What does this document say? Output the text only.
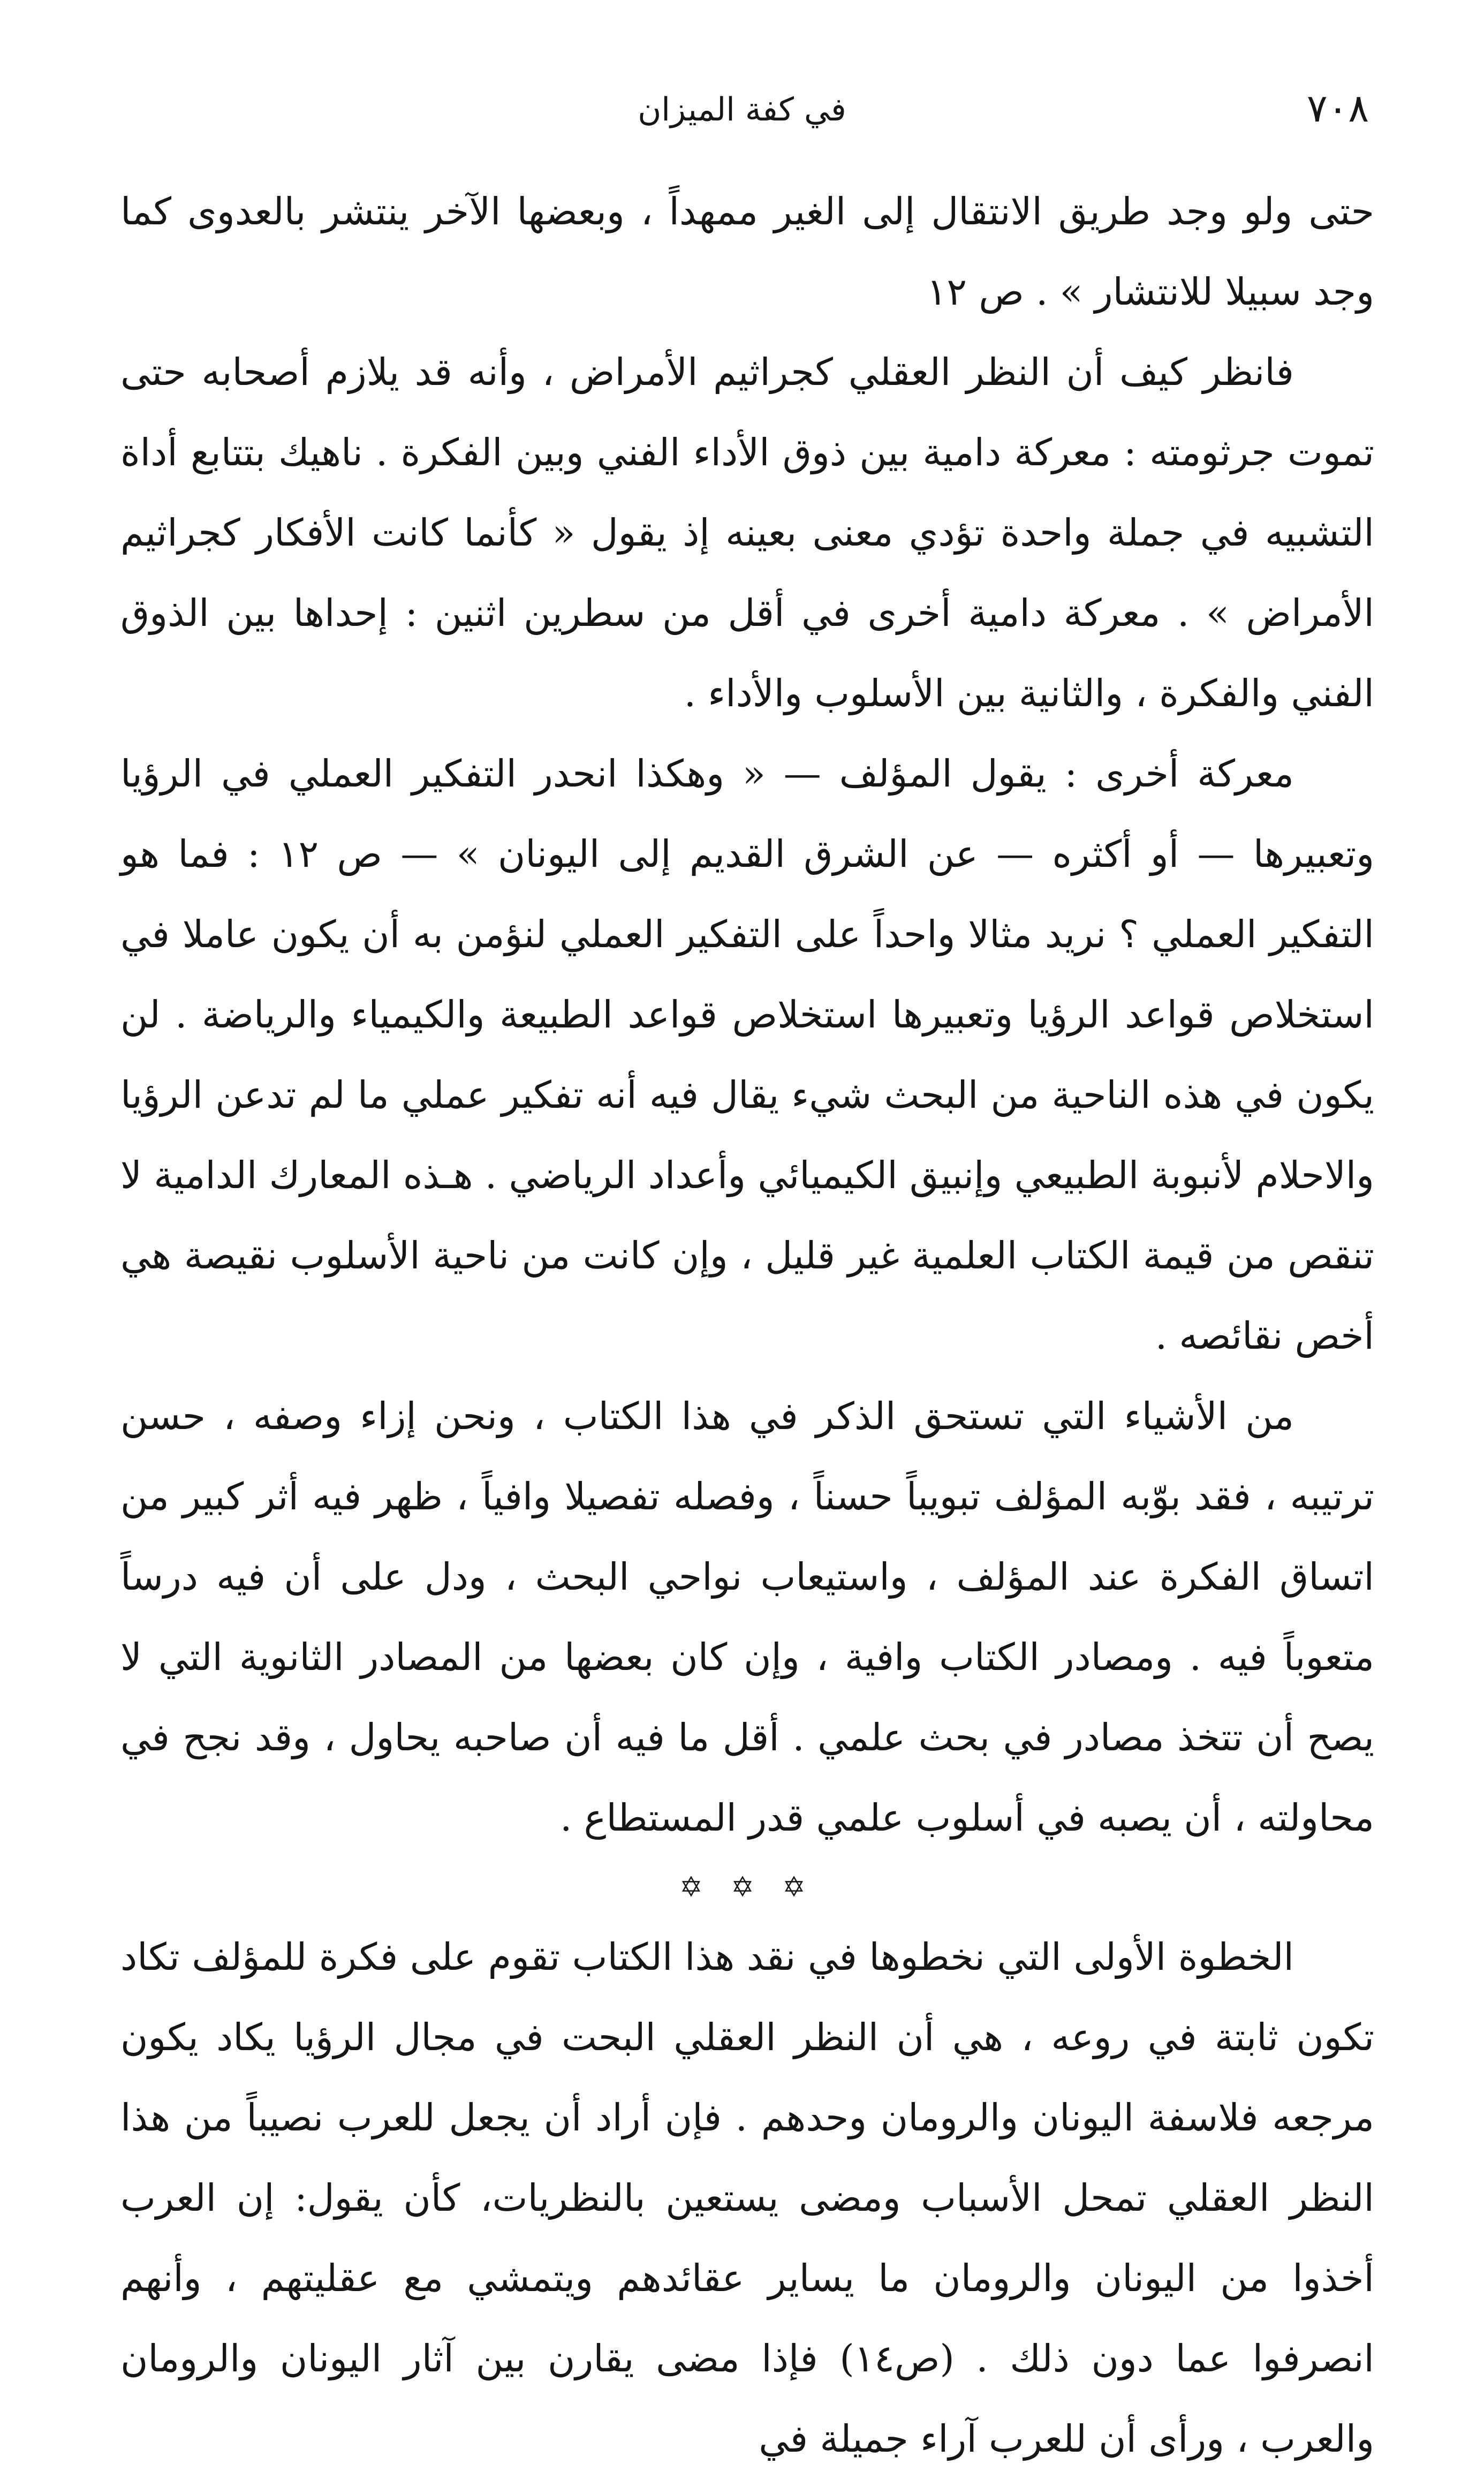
٧٠٨
في كفة الميزان

حتى ولو وجد طريق الانتقال إلى الغير ممهداً ، وبعضها الآخر ينتشر بالعدوى كما وجد سبيلا للانتشار » . ص ١٢

فانظر كيف أن النظر العقلي كجراثيم الأمراض ، وأنه قد يلازم أصحابه حتى تموت جرثومته : معركة دامية بين ذوق الأداء الفني وبين الفكرة . ناهيك بتتابع أداة التشبيه في جملة واحدة تؤدي معنى بعينه إذ يقول « كأنما كانت الأفكار كجراثيم الأمراض » . معركة دامية أخرى في أقل من سطرين اثنين : إحداها بين الذوق الفني والفكرة ، والثانية بين الأسلوب والأداء .

معركة أخرى : يقول المؤلف — « وهكذا انحدر التفكير العملي في الرؤيا وتعبيرها — أو أكثره — عن الشرق القديم إلى اليونان » — ص ١٢ : فما هو التفكير العملي ؟ نريد مثالا واحداً على التفكير العملي لنؤمن به أن يكون عاملا في استخلاص قواعد الرؤيا وتعبيرها استخلاص قواعد الطبيعة والكيمياء والرياضة . لن يكون في هذه الناحية من البحث شيء يقال فيه أنه تفكير عملي ما لم تدعن الرؤيا والاحلام لأنبوبة الطبيعي وإنبيق الكيميائي وأعداد الرياضي . هـذه المعارك الدامية لا تنقص من قيمة الكتاب العلمية غير قليل ، وإن كانت من ناحية الأسلوب نقيصة هي أخص نقائصه .

من الأشياء التي تستحق الذكر في هذا الكتاب ، ونحن إزاء وصفه ، حسن ترتيبه ، فقد بوّبه المؤلف تبويباً حسناً ، وفصله تفصيلا وافياً ، ظهر فيه أثر كبير من اتساق الفكرة عند المؤلف ، واستيعاب نواحي البحث ، ودل على أن فيه درساً متعوباً فيه . ومصادر الكتاب وافية ، وإن كان بعضها من المصادر الثانوية التي لا يصح أن تتخذ مصادر في بحث علمي . أقل ما فيه أن صاحبه يحاول ، وقد نجح في محاولته ، أن يصبه في أسلوب علمي قدر المستطاع .

✡ ✡ ✡

الخطوة الأولى التي نخطوها في نقد هذا الكتاب تقوم على فكرة للمؤلف تكاد تكون ثابتة في روعه ، هي أن النظر العقلي البحت في مجال الرؤيا يكاد يكون مرجعه فلاسفة اليونان والرومان وحدهم . فإن أراد أن يجعل للعرب نصيباً من هذا النظر العقلي تمحل الأسباب ومضى يستعين بالنظريات، كأن يقول: إن العرب أخذوا من اليونان والرومان ما يساير عقائدهم ويتمشي مع عقليتهم ، وأنهم انصرفوا عما دون ذلك . (ص١٤) فإذا مضى يقارن بين آثار اليونان والرومان والعرب ، ورأى أن للعرب آراء جميلة في
